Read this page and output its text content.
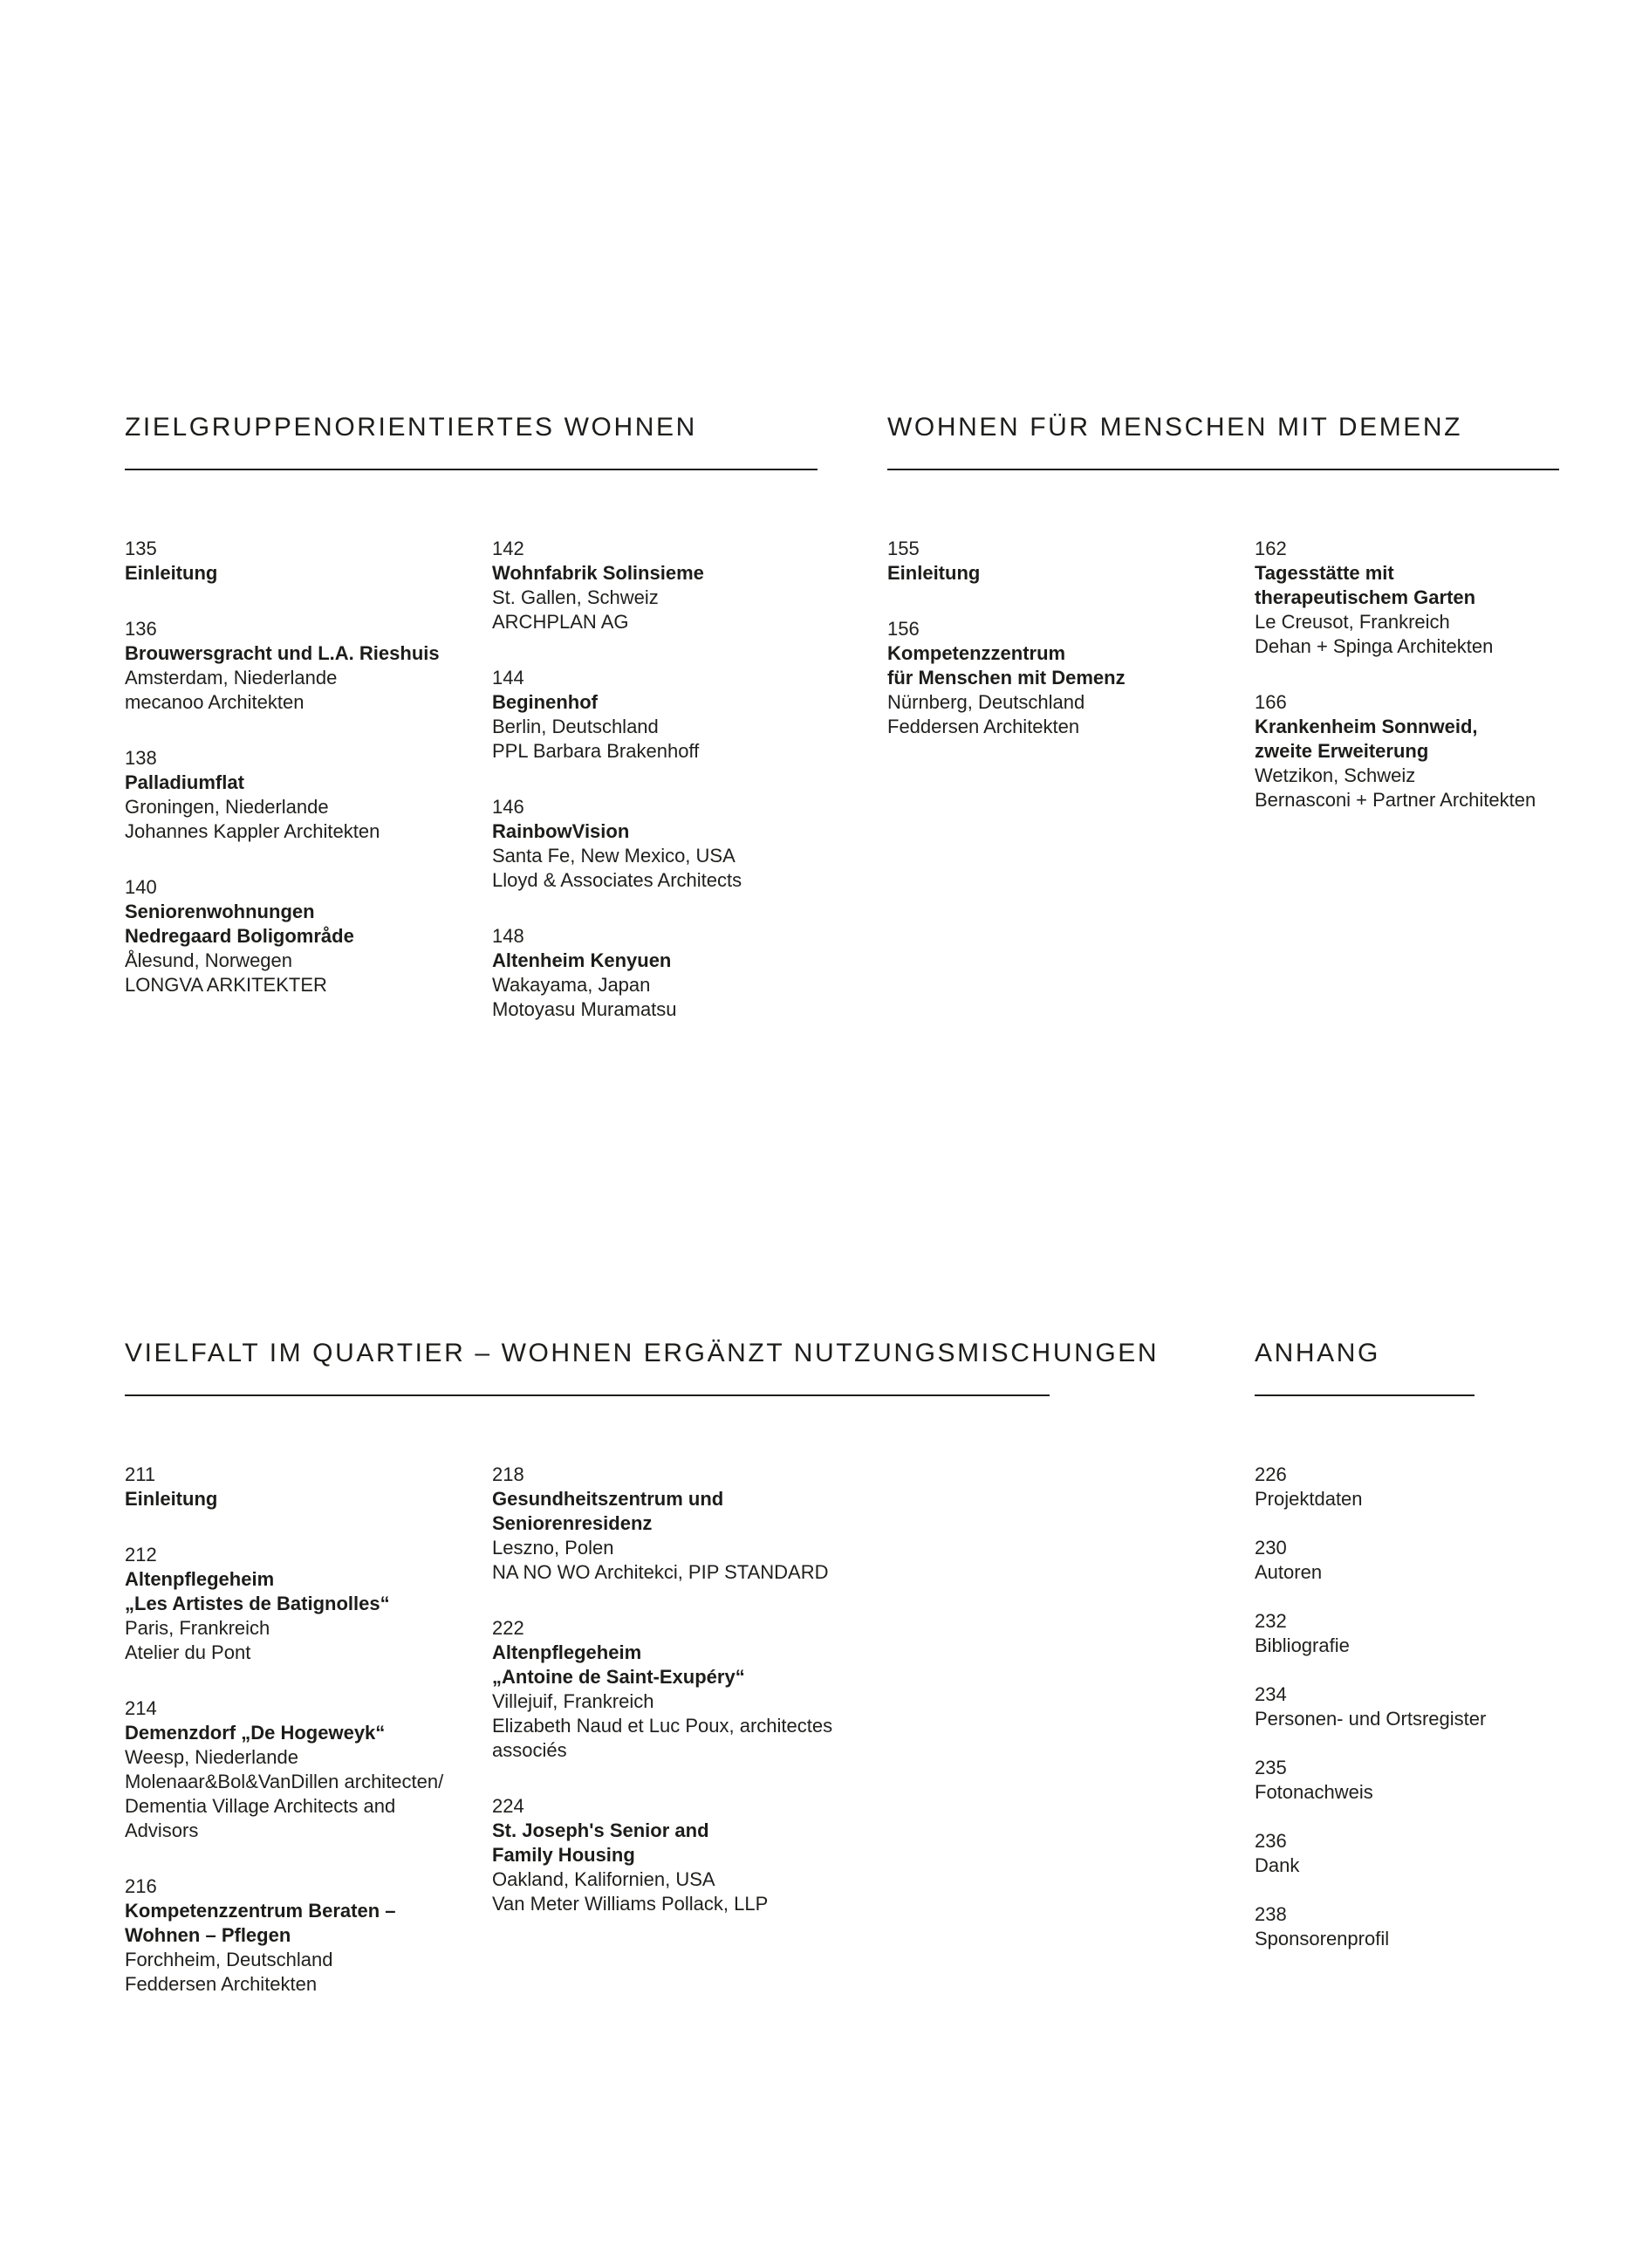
ZIELGRUPPENORIENTIERTES WOHNEN
135
Einleitung
136
Brouwersgracht und L.A. Rieshuis
Amsterdam, Niederlande
mecanoo Architekten
138
Palladiumflat
Groningen, Niederlande
Johannes Kappler Architekten
140
Seniorenwohnungen
Nedregaard Boligområde
Ålesund, Norwegen
LONGVA ARKITEKTER
142
Wohnfabrik Solinsieme
St. Gallen, Schweiz
ARCHPLAN AG
144
Beginenhof
Berlin, Deutschland
PPL Barbara Brakenhoff
146
RainbowVision
Santa Fe, New Mexico, USA
Lloyd & Associates Architects
148
Altenheim Kenyuen
Wakayama, Japan
Motoyasu Muramatsu
WOHNEN FÜR MENSCHEN MIT DEMENZ
155
Einleitung
156
Kompetenzzentrum
für Menschen mit Demenz
Nürnberg, Deutschland
Feddersen Architekten
162
Tagesstätte mit
therapeutischem Garten
Le Creusot, Frankreich
Dehan + Spinga Architekten
166
Krankenheim Sonnweid,
zweite Erweiterung
Wetzikon, Schweiz
Bernasconi + Partner Architekten
VIELFALT IM QUARTIER – WOHNEN ERGÄNZT NUTZUNGSMISCHUNGEN
211
Einleitung
212
Altenpflegeheim
„Les Artistes de Batignolles“
Paris, Frankreich
Atelier du Pont
214
Demenzdorf „De Hogeweyk“
Weesp, Niederlande
Molenaar&Bol&VanDillen architecten/
Dementia Village Architects and
Advisors
216
Kompetenzzentrum Beraten –
Wohnen – Pflegen
Forchheim, Deutschland
Feddersen Architekten
218
Gesundheitszentrum und
Seniorenresidenz
Leszno, Polen
NA NO WO Architekci, PIP STANDARD
222
Altenpflegeheim
„Antoine de Saint-Exupéry“
Villejuif, Frankreich
Elizabeth Naud et Luc Poux, architectes
associés
224
St. Joseph's Senior and
Family Housing
Oakland, Kalifornien, USA
Van Meter Williams Pollack, LLP
ANHANG
226
Projektdaten
230
Autoren
232
Bibliografie
234
Personen- und Ortsregister
235
Fotonachweis
236
Dank
238
Sponsorenprofil
